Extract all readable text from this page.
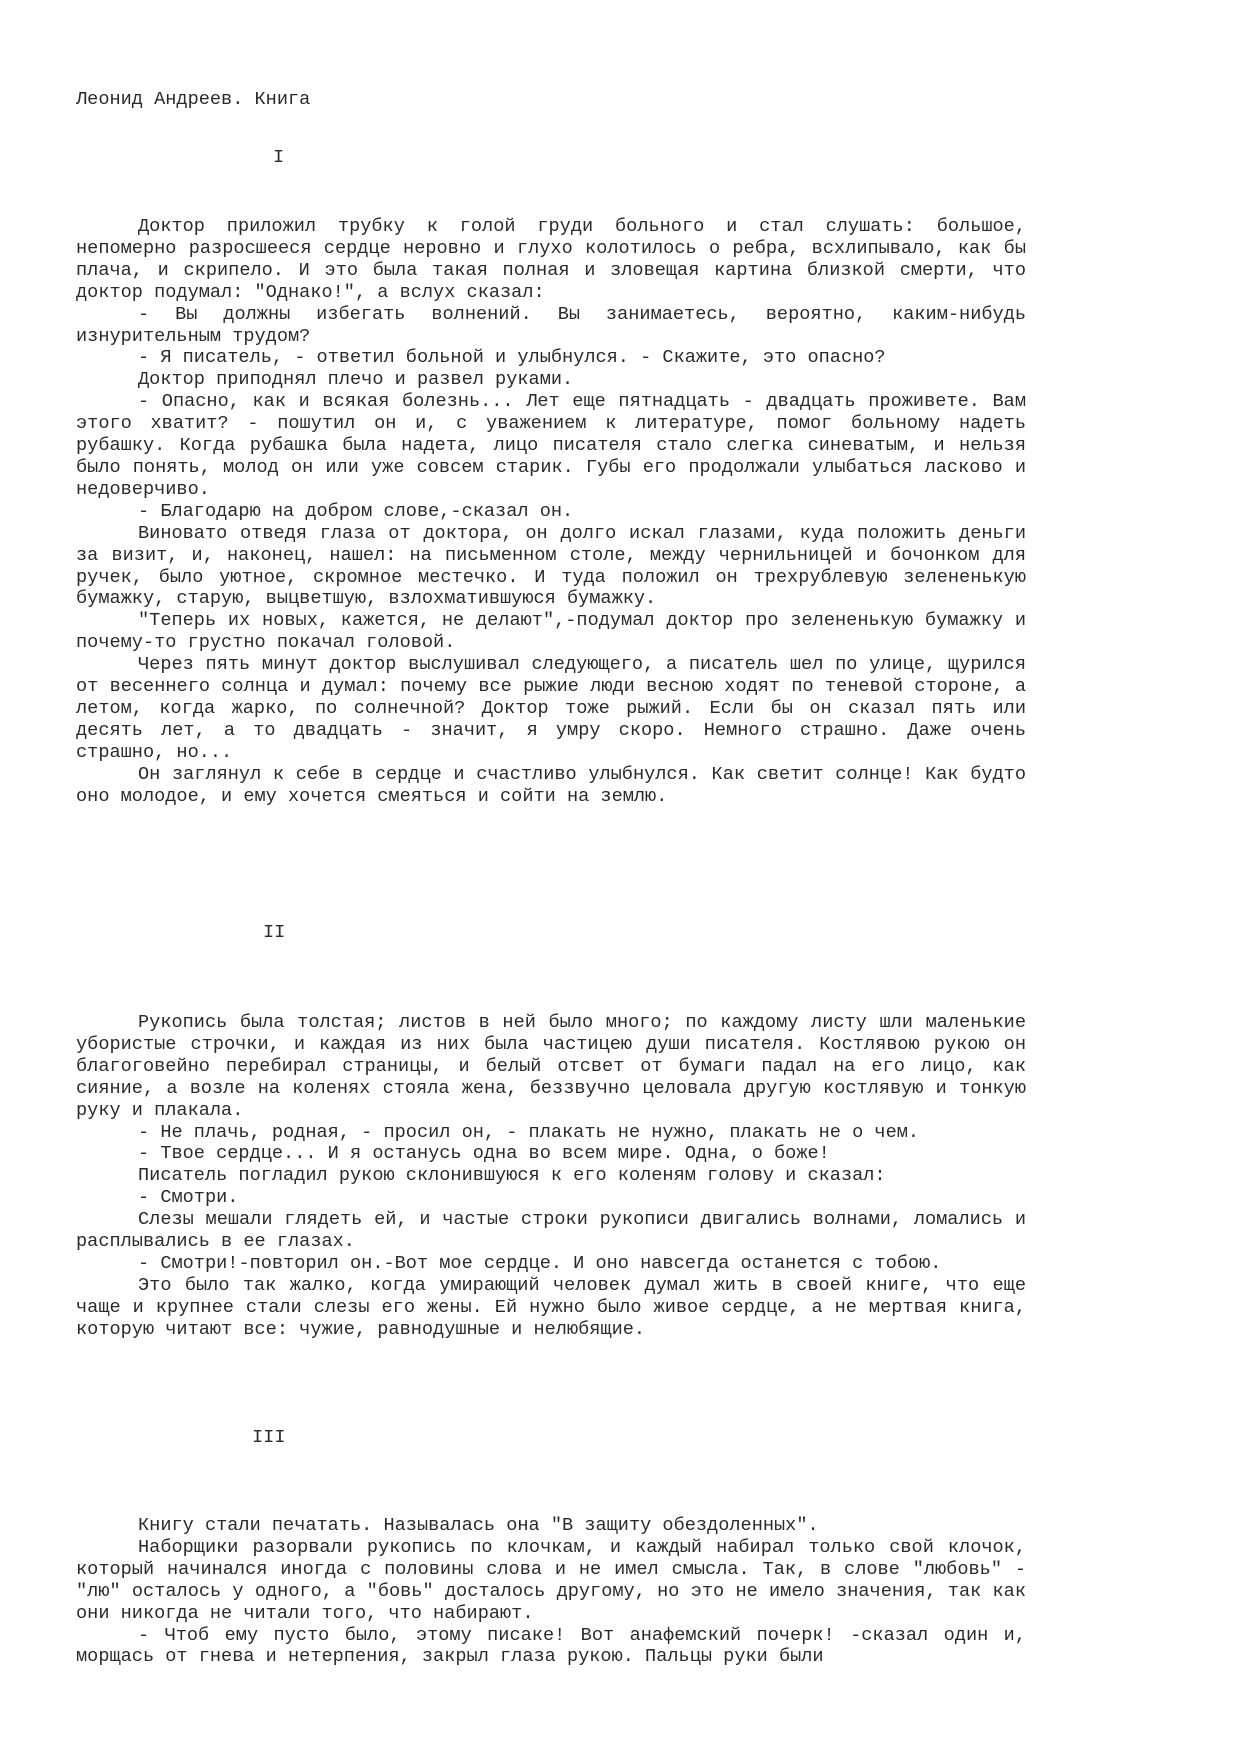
Леонид Андреев. Книга
I

Доктор приложил трубку к голой груди больного и стал слушать: большое, непомерно разросшееся сердце неровно и глухо колотилось о ребра, всхлипывало, как бы плача, и скрипело. И это была такая полная и зловещая картина близкой смерти, что доктор подумал: "Однако!", а вслух сказал:

- Вы должны избегать волнений. Вы занимаетесь, вероятно, каким-нибудь изнурительным трудом?

- Я писатель, - ответил больной и улыбнулся. - Скажите, это опасно?

Доктор приподнял плечо и развел руками.

- Опасно, как и всякая болезнь... Лет еще пятнадцать - двадцать проживете. Вам этого хватит? - пошутил он и, с уважением к литературе, помог больному надеть рубашку. Когда рубашка была надета, лицо писателя стало слегка синеватым, и нельзя было понять, молод он или уже совсем старик. Губы его продолжали улыбаться ласково и недоверчиво.

- Благодарю на добром слове,-сказал он.

Виновато отведя глаза от доктора, он долго искал глазами, куда положить деньги за визит, и, наконец, нашел: на письменном столе, между чернильницей и бочонком для ручек, было уютное, скромное местечко. И туда положил он трехрублевую зелененькую бумажку, старую, выцветшую, взлохматившуюся бумажку.

"Теперь их новых, кажется, не делают",-подумал доктор про зелененькую бумажку и почему-то грустно покачал головой.

Через пять минут доктор выслушивал следующего, а писатель шел по улице, щурился от весеннего солнца и думал: почему все рыжие люди весною ходят по теневой стороне, а летом, когда жарко, по солнечной? Доктор тоже рыжий. Если бы он сказал пять или десять лет, а то двадцать - значит, я умру скоро. Немного страшно. Даже очень страшно, но...

Он заглянул к себе в сердце и счастливо улыбнулся. Как светит солнце! Как будто оно молодое, и ему хочется смеяться и сойти на землю.

II

Рукопись была толстая; листов в ней было много; по каждому листу шли маленькие убористые строчки, и каждая из них была частицею души писателя. Костлявою рукою он благоговейно перебирал страницы, и белый отсвет от бумаги падал на его лицо, как сияние, а возле на коленях стояла жена, беззвучно целовала другую костлявую и тонкую руку и плакала.

- Не плачь, родная, - просил он, - плакать не нужно, плакать не о чем.

- Твое сердце... И я останусь одна во всем мире. Одна, о боже!

Писатель погладил рукою склонившуюся к его коленям голову и сказал:

- Смотри.

Слезы мешали глядеть ей, и частые строки рукописи двигались волнами, ломались и расплывались в ее глазах.

- Смотри!-повторил он.-Вот мое сердце. И оно навсегда останется с тобою.

Это было так жалко, когда умирающий человек думал жить в своей книге, что еще чаще и крупнее стали слезы его жены. Ей нужно было живое сердце, а не мертвая книга, которую читают все: чужие, равнодушные и нелюбящие.

III

Книгу стали печатать. Называлась она "В защиту обездоленных".

Наборщики разорвали рукопись по клочкам, и каждый набирал только свой клочок, который начинался иногда с половины слова и не имел смысла. Так, в слове "любовь" - "лю" осталось у одного, а "бовь" досталось другому, но это не имело значения, так как они никогда не читали того, что набирают.

- Чтоб ему пусто было, этому писаке! Вот анафемский почерк! -сказал один и, морщась от гнева и нетерпения, закрыл глаза рукою. Пальцы руки были
